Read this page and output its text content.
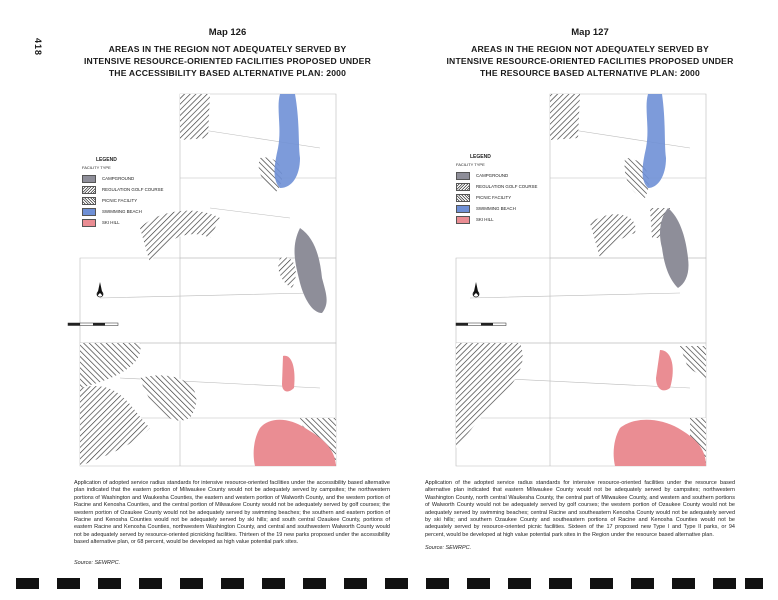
418
Map 126
AREAS IN THE REGION NOT ADEQUATELY SERVED BY
INTENSIVE RESOURCE-ORIENTED FACILITIES PROPOSED UNDER
THE ACCESSIBILITY BASED ALTERNATIVE PLAN: 2000
LEGEND
FACILITY TYPE
CAMPGROUND
REGULATION GOLF COURSE
PICNIC FACILITY
SWIMMING BEACH
SKI HILL
Application of adopted service radius standards for intensive resource-oriented facilities under the accessibility based alternative plan indicated that the eastern portion of Milwaukee County would not be adequately served by campsites; the northwestern portions of Washington and Waukesha Counties, the eastern and western portion of Walworth County, and the western portion of Racine and Kenosha Counties, and the central portion of Milwaukee County would not be adequately served by golf courses; the western portion of Ozaukee County would not be adequately served by swimming beaches; the southern and eastern portion of Racine and Kenosha Counties would not be adequately served by ski hills; and south central Ozaukee County, portions of eastern Racine and Kenosha Counties, northwestern Washington County, and central and southwestern Walworth County would not be adequately served by resource-oriented picnicking facilities. Thirteen of the 19 new parks proposed under the accessibility based alternative plan, or 68 percent, would be developed as high value potential park sites.
Source: SEWRPC.
Map 127
AREAS IN THE REGION NOT ADEQUATELY SERVED BY
INTENSIVE RESOURCE-ORIENTED FACILITIES PROPOSED UNDER
THE RESOURCE BASED ALTERNATIVE PLAN: 2000
LEGEND
FACILITY TYPE
CAMPGROUND
REGULATION GOLF COURSE
PICNIC FACILITY
SWIMMING BEACH
SKI HILL
Application of the adopted service radius standards for intensive resource-oriented facilities under the resource based alternative plan indicated that eastern Milwaukee County would not be adequately served by campsites; northwestern Washington County, north central Waukesha County, the central part of Milwaukee County, and western and southern portions of Walworth County would not be adequately served by golf courses; the western portion of Ozaukee County would not be adequately served by swimming beaches; central Racine and southeastern Kenosha County would not be adequately served by ski hills; and southern Ozaukee County and southeastern portions of Racine and Kenosha Counties would not be adequately served by resource-oriented picnic facilities. Sixteen of the 17 proposed new Type I and Type II parks, or 94 percent, would be developed at high value potential park sites in the Region under the resource based alternative plan.
Source: SEWRPC.
